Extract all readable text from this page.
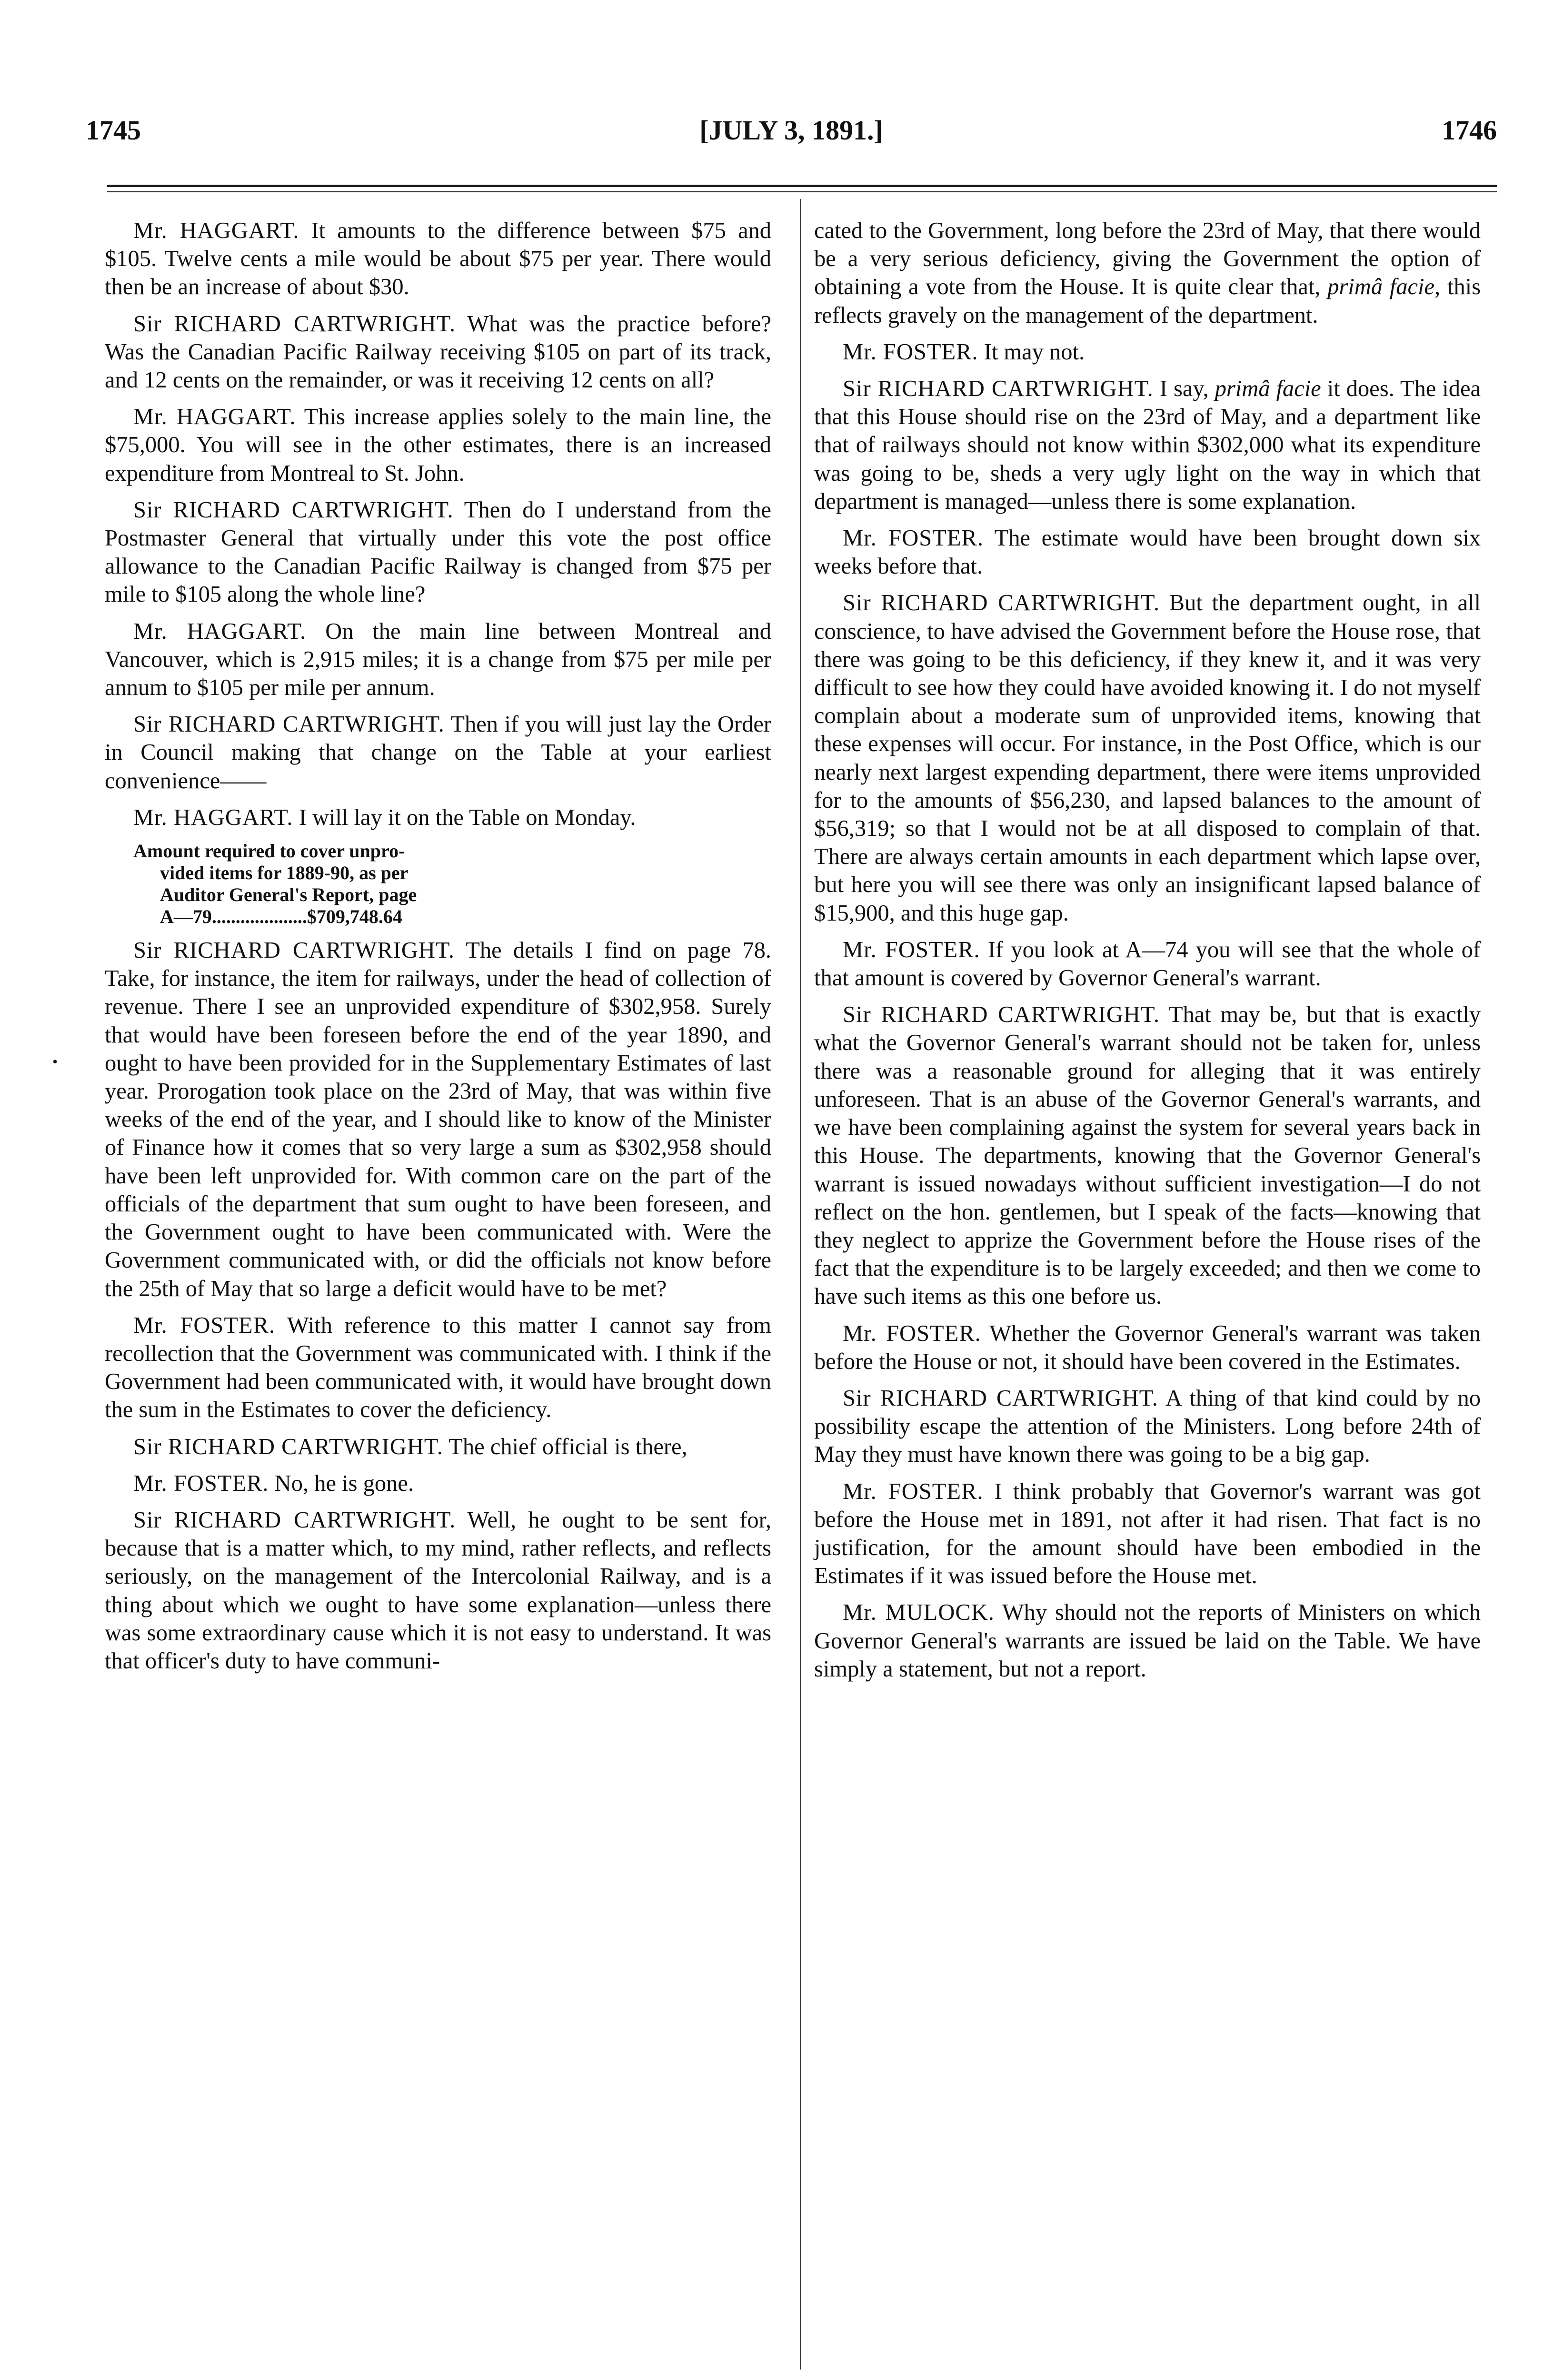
1745	[JULY 3, 1891.]	1746
•

Mr. HAGGART. It amounts to the difference between $75 and $105. Twelve cents a mile would be about $75 per year. There would then be an increase of about $30.

Sir RICHARD CARTWRIGHT. What was the practice before? Was the Canadian Pacific Railway receiving $105 on part of its track, and 12 cents on the remainder, or was it receiving 12 cents on all?

Mr. HAGGART. This increase applies solely to the main line, the $75,000. You will see in the other estimates, there is an increased expenditure from Montreal to St. John.

Sir RICHARD CARTWRIGHT. Then do I understand from the Postmaster General that virtually under this vote the post office allowance to the Canadian Pacific Railway is changed from $75 per mile to $105 along the whole line?

Mr. HAGGART. On the main line between Montreal and Vancouver, which is 2,915 miles; it is a change from $75 per mile per annum to $105 per mile per annum.

Sir RICHARD CARTWRIGHT. Then if you will just lay the Order in Council making that change on the Table at your earliest convenience——

Mr. HAGGART. I will lay it on the Table on Monday.

Amount required to cover unpro-
vided items for 1889-90, as per
Auditor General's Report, page
A—79....................$709,748.64

Sir RICHARD CARTWRIGHT. The details I find on page 78. Take, for instance, the item for railways, under the head of collection of revenue. There I see an unprovided expenditure of $302,958. Surely that would have been foreseen before the end of the year 1890, and ought to have been provided for in the Supplementary Estimates of last year. Prorogation took place on the 23rd of May, that was within five weeks of the end of the year, and I should like to know of the Minister of Finance how it comes that so very large a sum as $302,958 should have been left unprovided for. With common care on the part of the officials of the department that sum ought to have been foreseen, and the Government ought to have been communicated with. Were the Government communicated with, or did the officials not know before the 25th of May that so large a deficit would have to be met?

Mr. FOSTER. With reference to this matter I cannot say from recollection that the Government was communicated with. I think if the Government had been communicated with, it would have brought down the sum in the Estimates to cover the deficiency.

Sir RICHARD CARTWRIGHT. The chief official is there,

Mr. FOSTER. No, he is gone.

Sir RICHARD CARTWRIGHT. Well, he ought to be sent for, because that is a matter which, to my mind, rather reflects, and reflects seriously, on the management of the Intercolonial Railway, and is a thing about which we ought to have some explanation—unless there was some extraordinary cause which it is not easy to understand. It was that officer's duty to have communi-

cated to the Government, long before the 23rd of May, that there would be a very serious deficiency, giving the Government the option of obtaining a vote from the House. It is quite clear that, primâ facie, this reflects gravely on the management of the department.

Mr. FOSTER. It may not.

Sir RICHARD CARTWRIGHT. I say, primâ facie it does. The idea that this House should rise on the 23rd of May, and a department like that of railways should not know within $302,000 what its expenditure was going to be, sheds a very ugly light on the way in which that department is managed—unless there is some explanation.

Mr. FOSTER. The estimate would have been brought down six weeks before that.

Sir RICHARD CARTWRIGHT. But the department ought, in all conscience, to have advised the Government before the House rose, that there was going to be this deficiency, if they knew it, and it was very difficult to see how they could have avoided knowing it. I do not myself complain about a moderate sum of unprovided items, knowing that these expenses will occur. For instance, in the Post Office, which is our nearly next largest expending department, there were items unprovided for to the amounts of $56,230, and lapsed balances to the amount of $56,319; so that I would not be at all disposed to complain of that. There are always certain amounts in each department which lapse over, but here you will see there was only an insignificant lapsed balance of $15,900, and this huge gap.

Mr. FOSTER. If you look at A—74 you will see that the whole of that amount is covered by Governor General's warrant.

Sir RICHARD CARTWRIGHT. That may be, but that is exactly what the Governor General's warrant should not be taken for, unless there was a reasonable ground for alleging that it was entirely unforeseen. That is an abuse of the Governor General's warrants, and we have been complaining against the system for several years back in this House. The departments, knowing that the Governor General's warrant is issued nowadays without sufficient investigation—I do not reflect on the hon. gentlemen, but I speak of the facts—knowing that they neglect to apprize the Government before the House rises of the fact that the expenditure is to be largely exceeded; and then we come to have such items as this one before us.

Mr. FOSTER. Whether the Governor General's warrant was taken before the House or not, it should have been covered in the Estimates.

Sir RICHARD CARTWRIGHT. A thing of that kind could by no possibility escape the attention of the Ministers. Long before 24th of May they must have known there was going to be a big gap.

Mr. FOSTER. I think probably that Governor's warrant was got before the House met in 1891, not after it had risen. That fact is no justification, for the amount should have been embodied in the Estimates if it was issued before the House met.

Mr. MULOCK. Why should not the reports of Ministers on which Governor General's warrants are issued be laid on the Table. We have simply a statement, but not a report.
